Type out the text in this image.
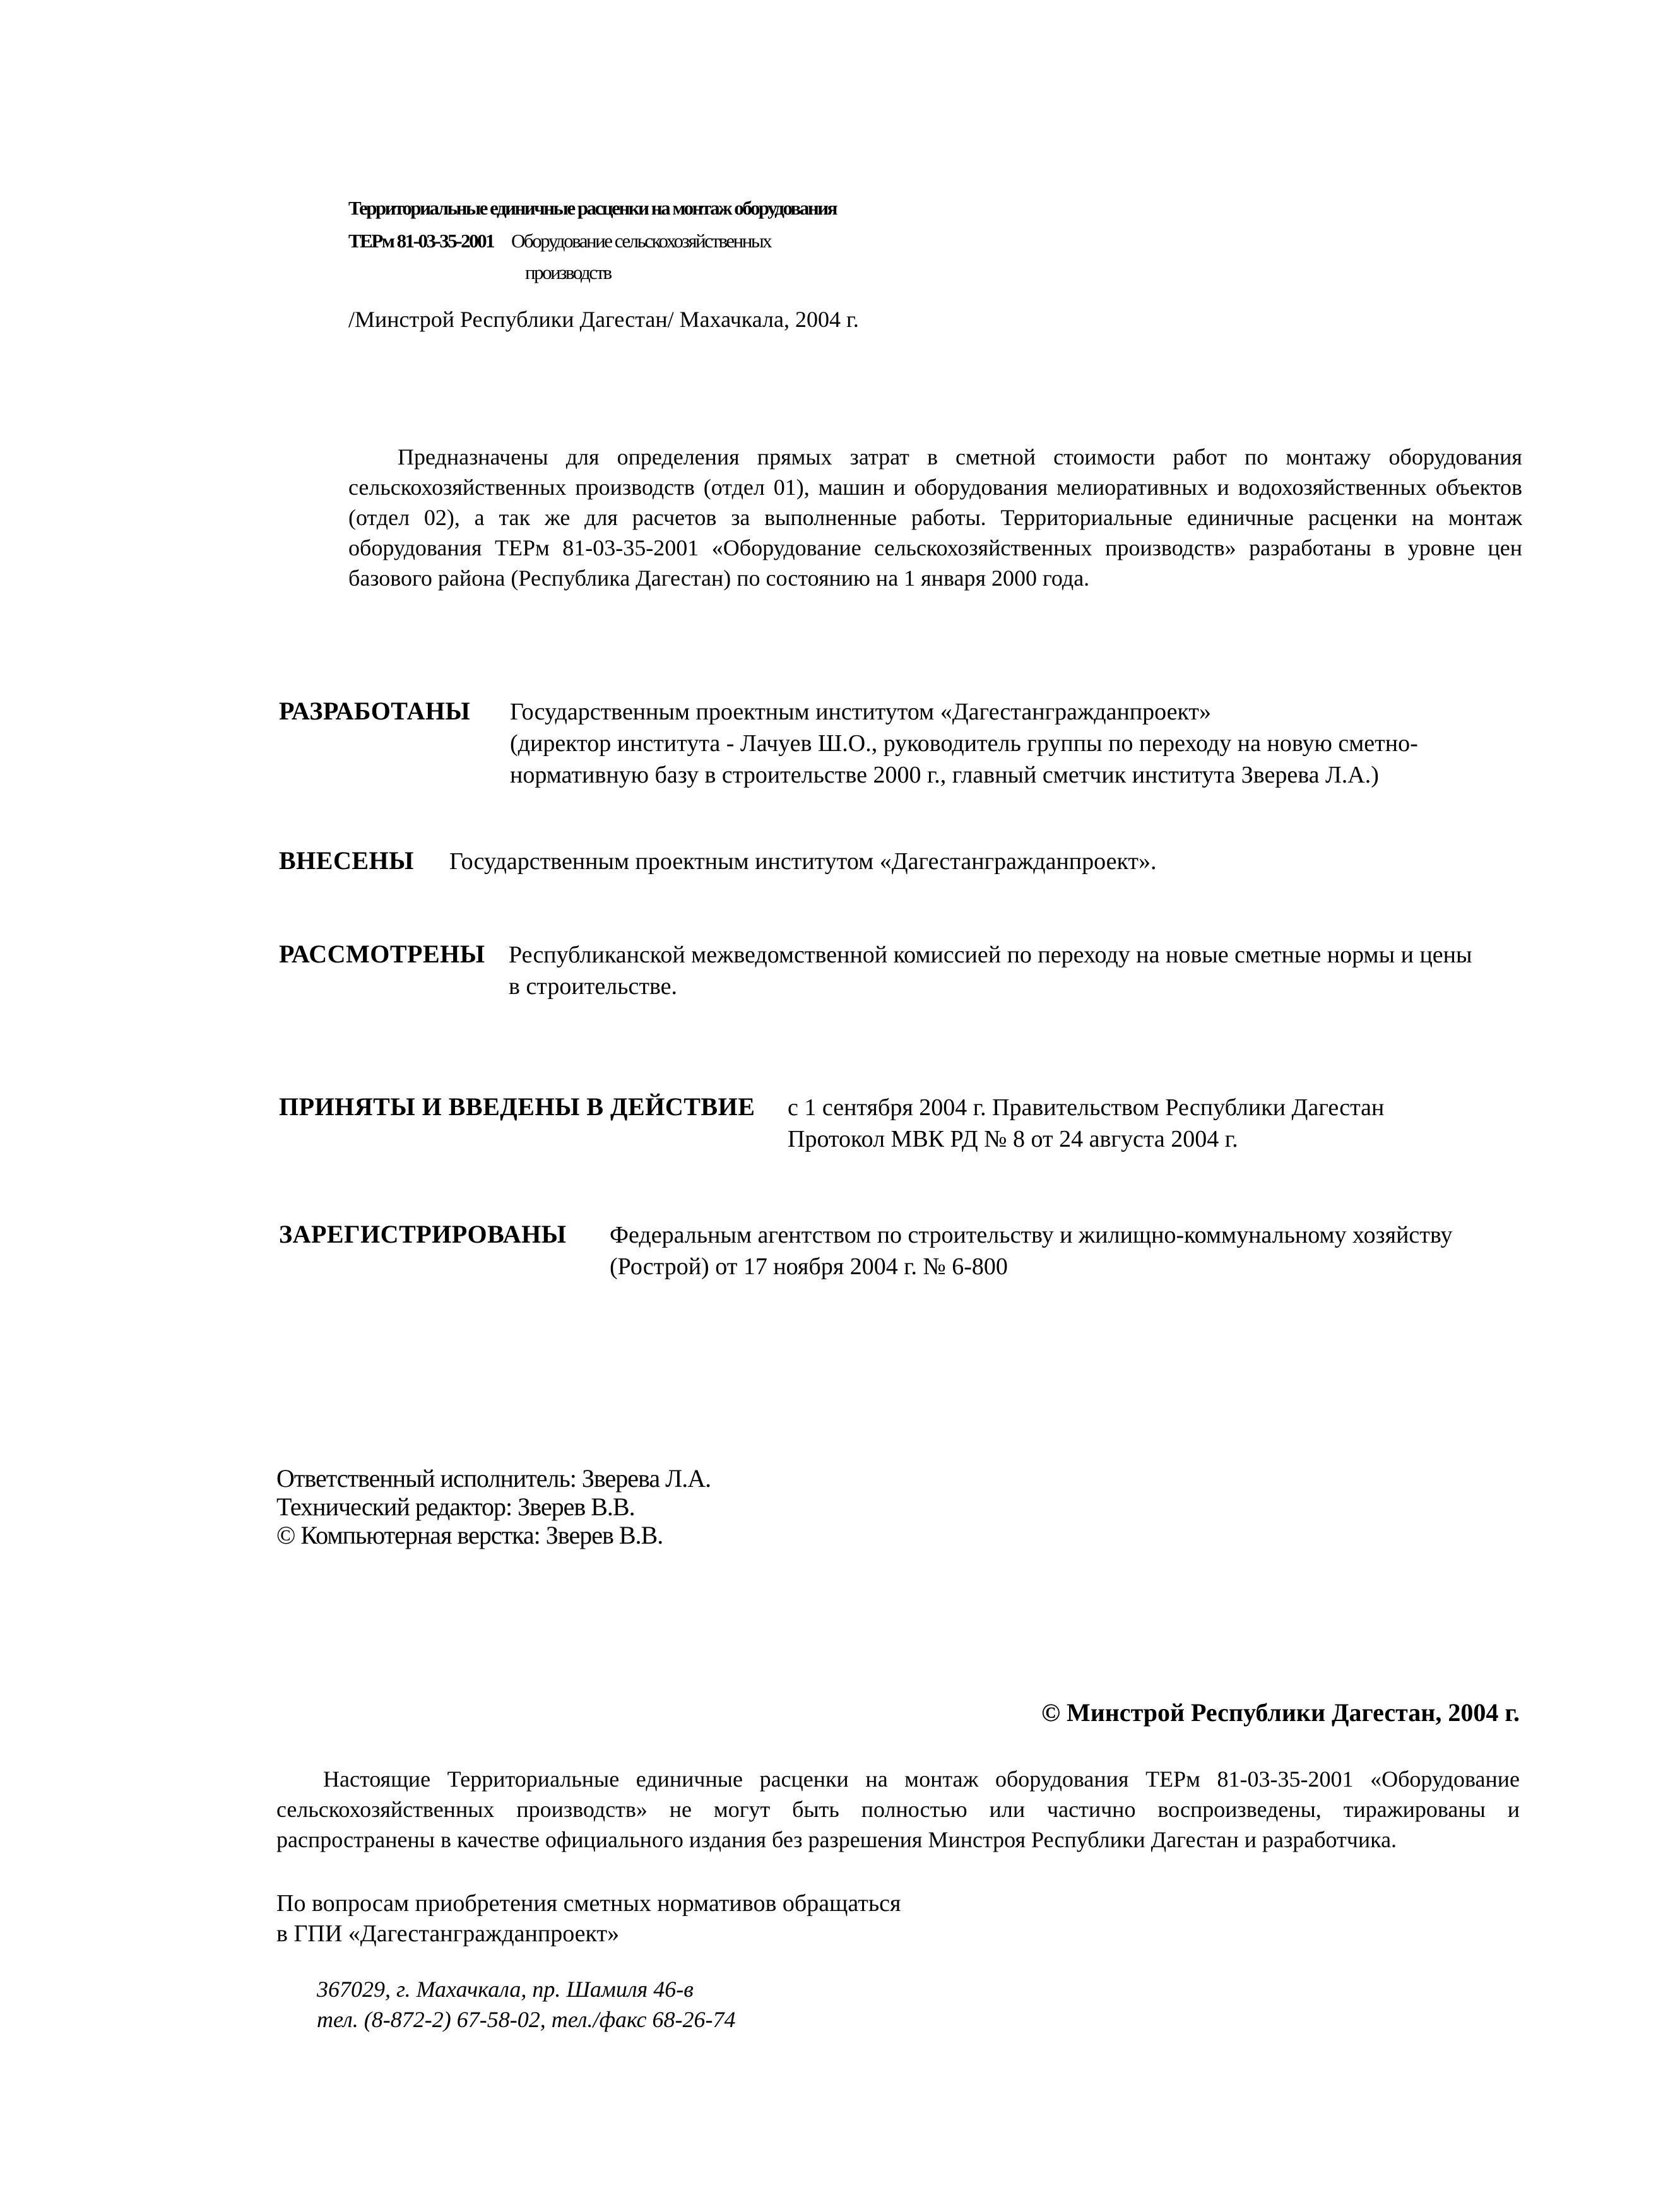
Территориальные единичные расценки на монтаж оборудования
ТЕРм 81-03-35-2001 Оборудование сельскохозяйственных
производств
/Минстрой Республики Дагестан/ Махачкала, 2004 г.
Предназначены для определения прямых затрат в сметной стоимости работ по монтажу оборудования сельскохозяйственных производств (отдел 01), машин и оборудования мелиоративных и водохозяйственных объектов (отдел 02), а так же для расчетов за выполненные работы. Территориальные единичные расценки на монтаж оборудования ТЕРм 81-03-35-2001 «Оборудование сельскохозяйственных производств» разработаны в уровне цен базового района (Республика Дагестан) по состоянию на 1 января 2000 года.
РАЗРАБОТАНЫ Государственным проектным институтом «Дагестангражданпроект»
(директор института - Лачуев Ш.О., руководитель группы по переходу на новую сметно-
нормативную базу в строительстве 2000 г., главный сметчик института Зверева Л.А.)
ВНЕСЕНЫ Государственным проектным институтом «Дагестангражданпроект».
РАССМОТРЕНЫ Республиканской межведомственной комиссией по переходу на новые сметные нормы и цены
в строительстве.
ПРИНЯТЫ И ВВЕДЕНЫ В ДЕЙСТВИЕ с 1 сентября 2004 г. Правительством Республики Дагестан
Протокол МВК РД № 8 от 24 августа 2004 г.
ЗАРЕГИСТРИРОВАНЫ Федеральным агентством по строительству и жилищно-коммунальному хозяйству
(Рострой) от 17 ноября 2004 г. № 6-800
Ответственный исполнитель: Зверева Л.А.
Технический редактор: Зверев В.В.
© Компьютерная верстка: Зверев В.В.
© Минстрой Республики Дагестан, 2004 г.
Настоящие Территориальные единичные расценки на монтаж оборудования ТЕРм 81-03-35-2001 «Оборудование сельскохозяйственных производств» не могут быть полностью или частично воспроизведены, тиражированы и распространены в качестве официального издания без разрешения Минстроя Республики Дагестан и разработчика.
По вопросам приобретения сметных нормативов обращаться
в ГПИ «Дагестангражданпроект»
367029, г. Махачкала, пр. Шамиля 46-в
тел. (8-872-2) 67-58-02, тел./факс 68-26-74
